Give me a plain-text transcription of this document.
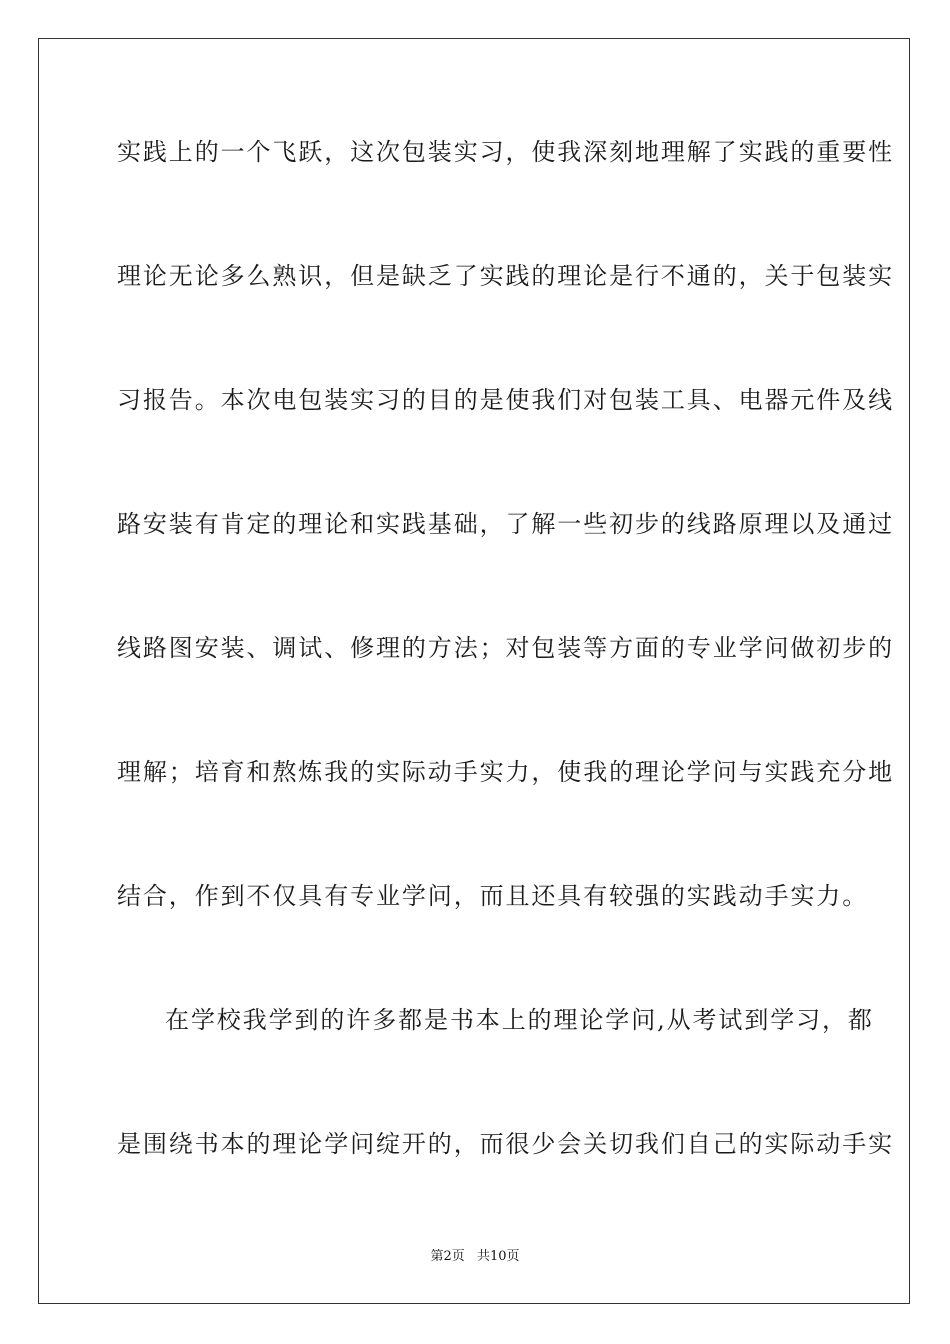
实践上的一个飞跃，这次包装实习，使我深刻地理解了实践的重要性
理论无论多么熟识，但是缺乏了实践的理论是行不通的，关于包装实
习报告。本次电包装实习的目的是使我们对包装工具、电器元件及线
路安装有肯定的理论和实践基础，了解一些初步的线路原理以及通过
线路图安装、调试、修理的方法；对包装等方面的专业学问做初步的
理解；培育和熬炼我的实际动手实力，使我的理论学问与实践充分地
结合，作到不仅具有专业学问，而且还具有较强的实践动手实力。
在学校我学到的许多都是书本上的理论学问,从考试到学习，都
是围绕书本的理论学问绽开的，而很少会关切我们自己的实际动手实
第2页 共10页
